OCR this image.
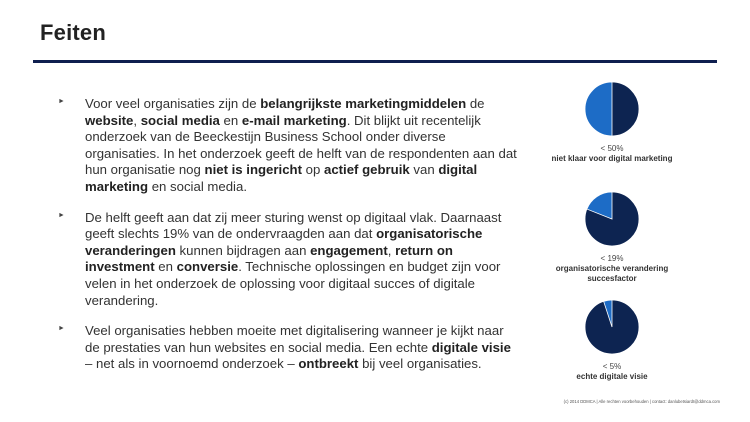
Feiten
► Voor veel organisaties zijn de belangrijkste marketingmiddelen de website, social media en e-mail marketing. Dit blijkt uit recentelijk onderzoek van de Beeckestijn Business School onder diverse organisaties. In het onderzoek geeft de helft van de respondenten aan dat hun organisatie nog niet is ingericht op actief gebruik van digital marketing en social media.
► De helft geeft aan dat zij meer sturing wenst op digitaal vlak. Daarnaast geeft slechts 19% van de ondervraagden aan dat organisatorische veranderingen kunnen bijdragen aan engagement, return on investment en conversie. Technische oplossingen en budget zijn voor velen in het onderzoek de oplossing voor digitaal succes of digitale verandering.
► Veel organisaties hebben moeite met digitalisering wanneer je kijkt naar de prestaties van hun websites en social media. Een echte digitale visie – net als in voornoemd onderzoek – ontbreekt bij veel organisaties.
< 50%
niet klaar voor digital marketing
< 19%
organisatorische verandering succesfactor
< 5%
echte digitale visie
(c) 2014 DDMCA | Alle rechten voorbehouden | contact: danlubetsiardI@ddmca.com
